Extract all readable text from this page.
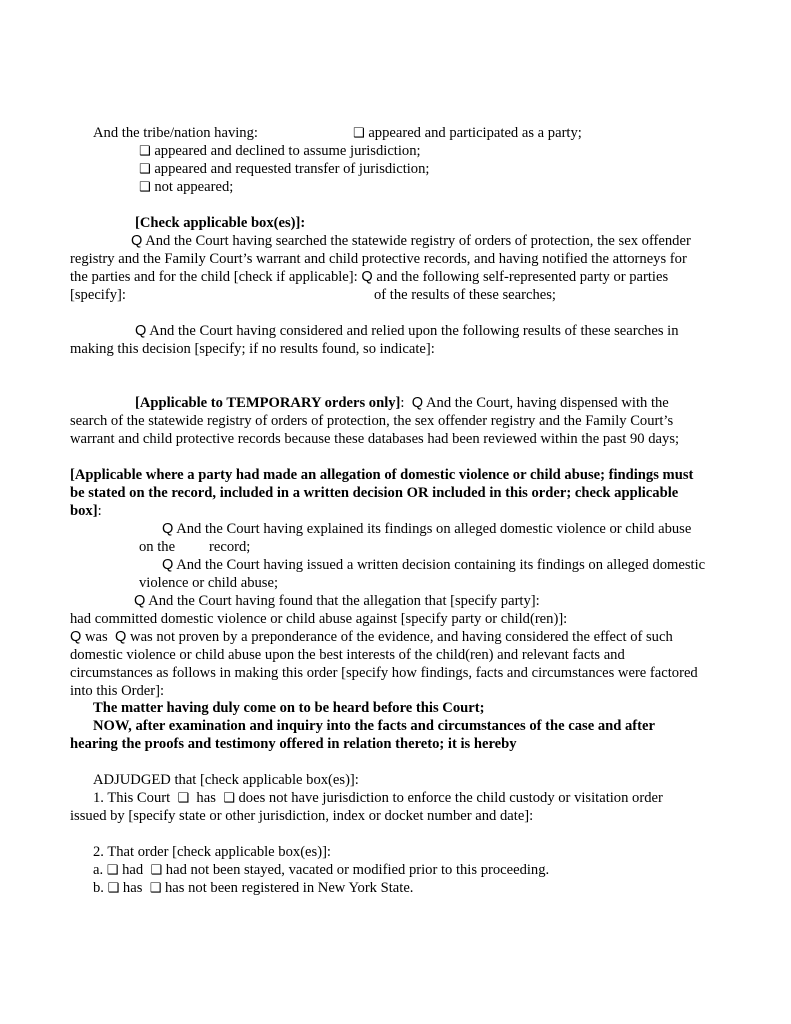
And the tribe/nation having:	❑ appeared and participated as a party;
❑ appeared and declined to assume jurisdiction;
❑ appeared and requested transfer of jurisdiction;
❑ not appeared;
[Check applicable box(es)]:
Q And the Court having searched the statewide registry of orders of protection, the sex offender
registry and the Family Court’s warrant and child protective records, and having notified the attorneys for
the parties and for the child [check if applicable]: Q and the following self-represented party or parties
[specify]:	of the results of these searches;
Q And the Court having considered and relied upon the following results of these searches in
making this decision [specify; if no results found, so indicate]:
[Applicable to TEMPORARY orders only]: Q And the Court, having dispensed with the
search of the statewide registry of orders of protection, the sex offender registry and the Family Court’s
warrant and child protective records because these databases had been reviewed within the past 90 days;
[Applicable where a party had made an allegation of domestic violence or child abuse; findings must
be stated on the record, included in a written decision OR included in this order; check applicable
box]:
Q And the Court having explained its findings on alleged domestic violence or child abuse
on the record;
Q And the Court having issued a written decision containing its findings on alleged domestic
violence or child abuse;
Q And the Court having found that the allegation that [specify party]:
had committed domestic violence or child abuse against [specify party or child(ren)]:
Q was Q was not proven by a preponderance of the evidence, and having considered the effect of such
domestic violence or child abuse upon the best interests of the child(ren) and relevant facts and
circumstances as follows in making this order [specify how findings, facts and circumstances were factored
into this Order]:
The matter having duly come on to be heard before this Court;
NOW, after examination and inquiry into the facts and circumstances of the case and after
hearing the proofs and testimony offered in relation thereto; it is hereby
ADJUDGED that [check applicable box(es)]:
1. This Court ❑ has ❑ does not have jurisdiction to enforce the child custody or visitation order
issued by [specify state or other jurisdiction, index or docket number and date]:
2. That order [check applicable box(es)]:
a. ❑ had ❑ had not been stayed, vacated or modified prior to this proceeding.
b. ❑ has ❑ has not been registered in New York State.
